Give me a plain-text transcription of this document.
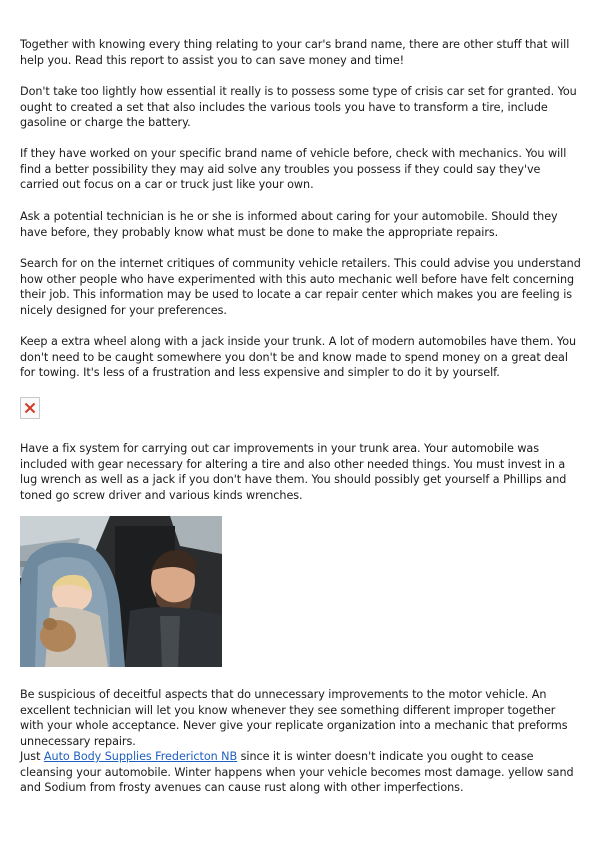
Together with knowing every thing relating to your car's brand name, there are other stuff that will help you. Read this report to assist you to can save money and time!

Don't take too lightly how essential it really is to possess some type of crisis car set for granted. You ought to created a set that also includes the various tools you have to transform a tire, include gasoline or charge the battery.

If they have worked on your specific brand name of vehicle before, check with mechanics. You will find a better possibility they may aid solve any troubles you possess if they could say they've carried out focus on a car or truck just like your own.

Ask a potential technician is he or she is informed about caring for your automobile. Should they have before, they probably know what must be done to make the appropriate repairs.

Search for on the internet critiques of community vehicle retailers. This could advise you understand how other people who have experimented with this auto mechanic well before have felt concerning their job. This information may be used to locate a car repair center which makes you are feeling is nicely designed for your preferences.

Keep a extra wheel along with a jack inside your trunk. A lot of modern automobiles have them. You don't need to be caught somewhere you don't be and know made to spend money on a great deal for towing. It's less of a frustration and less expensive and simpler to do it by yourself.

Have a fix system for carrying out car improvements in your trunk area. Your automobile was included with gear necessary for altering a tire and also other needed things. You must invest in a lug wrench as well as a jack if you don't have them. You should possibly get yourself a Phillips and toned go screw driver and various kinds wrenches.

Be suspicious of deceitful aspects that do unnecessary improvements to the motor vehicle. An excellent technician will let you know whenever they see something different improper together with your whole acceptance. Never give your replicate organization into a mechanic that preforms unnecessary repairs.

Just Auto Body Supplies Fredericton NB since it is winter doesn't indicate you ought to cease cleansing your automobile. Winter happens when your vehicle becomes most damage. yellow sand and Sodium from frosty avenues can cause rust along with other imperfections.
